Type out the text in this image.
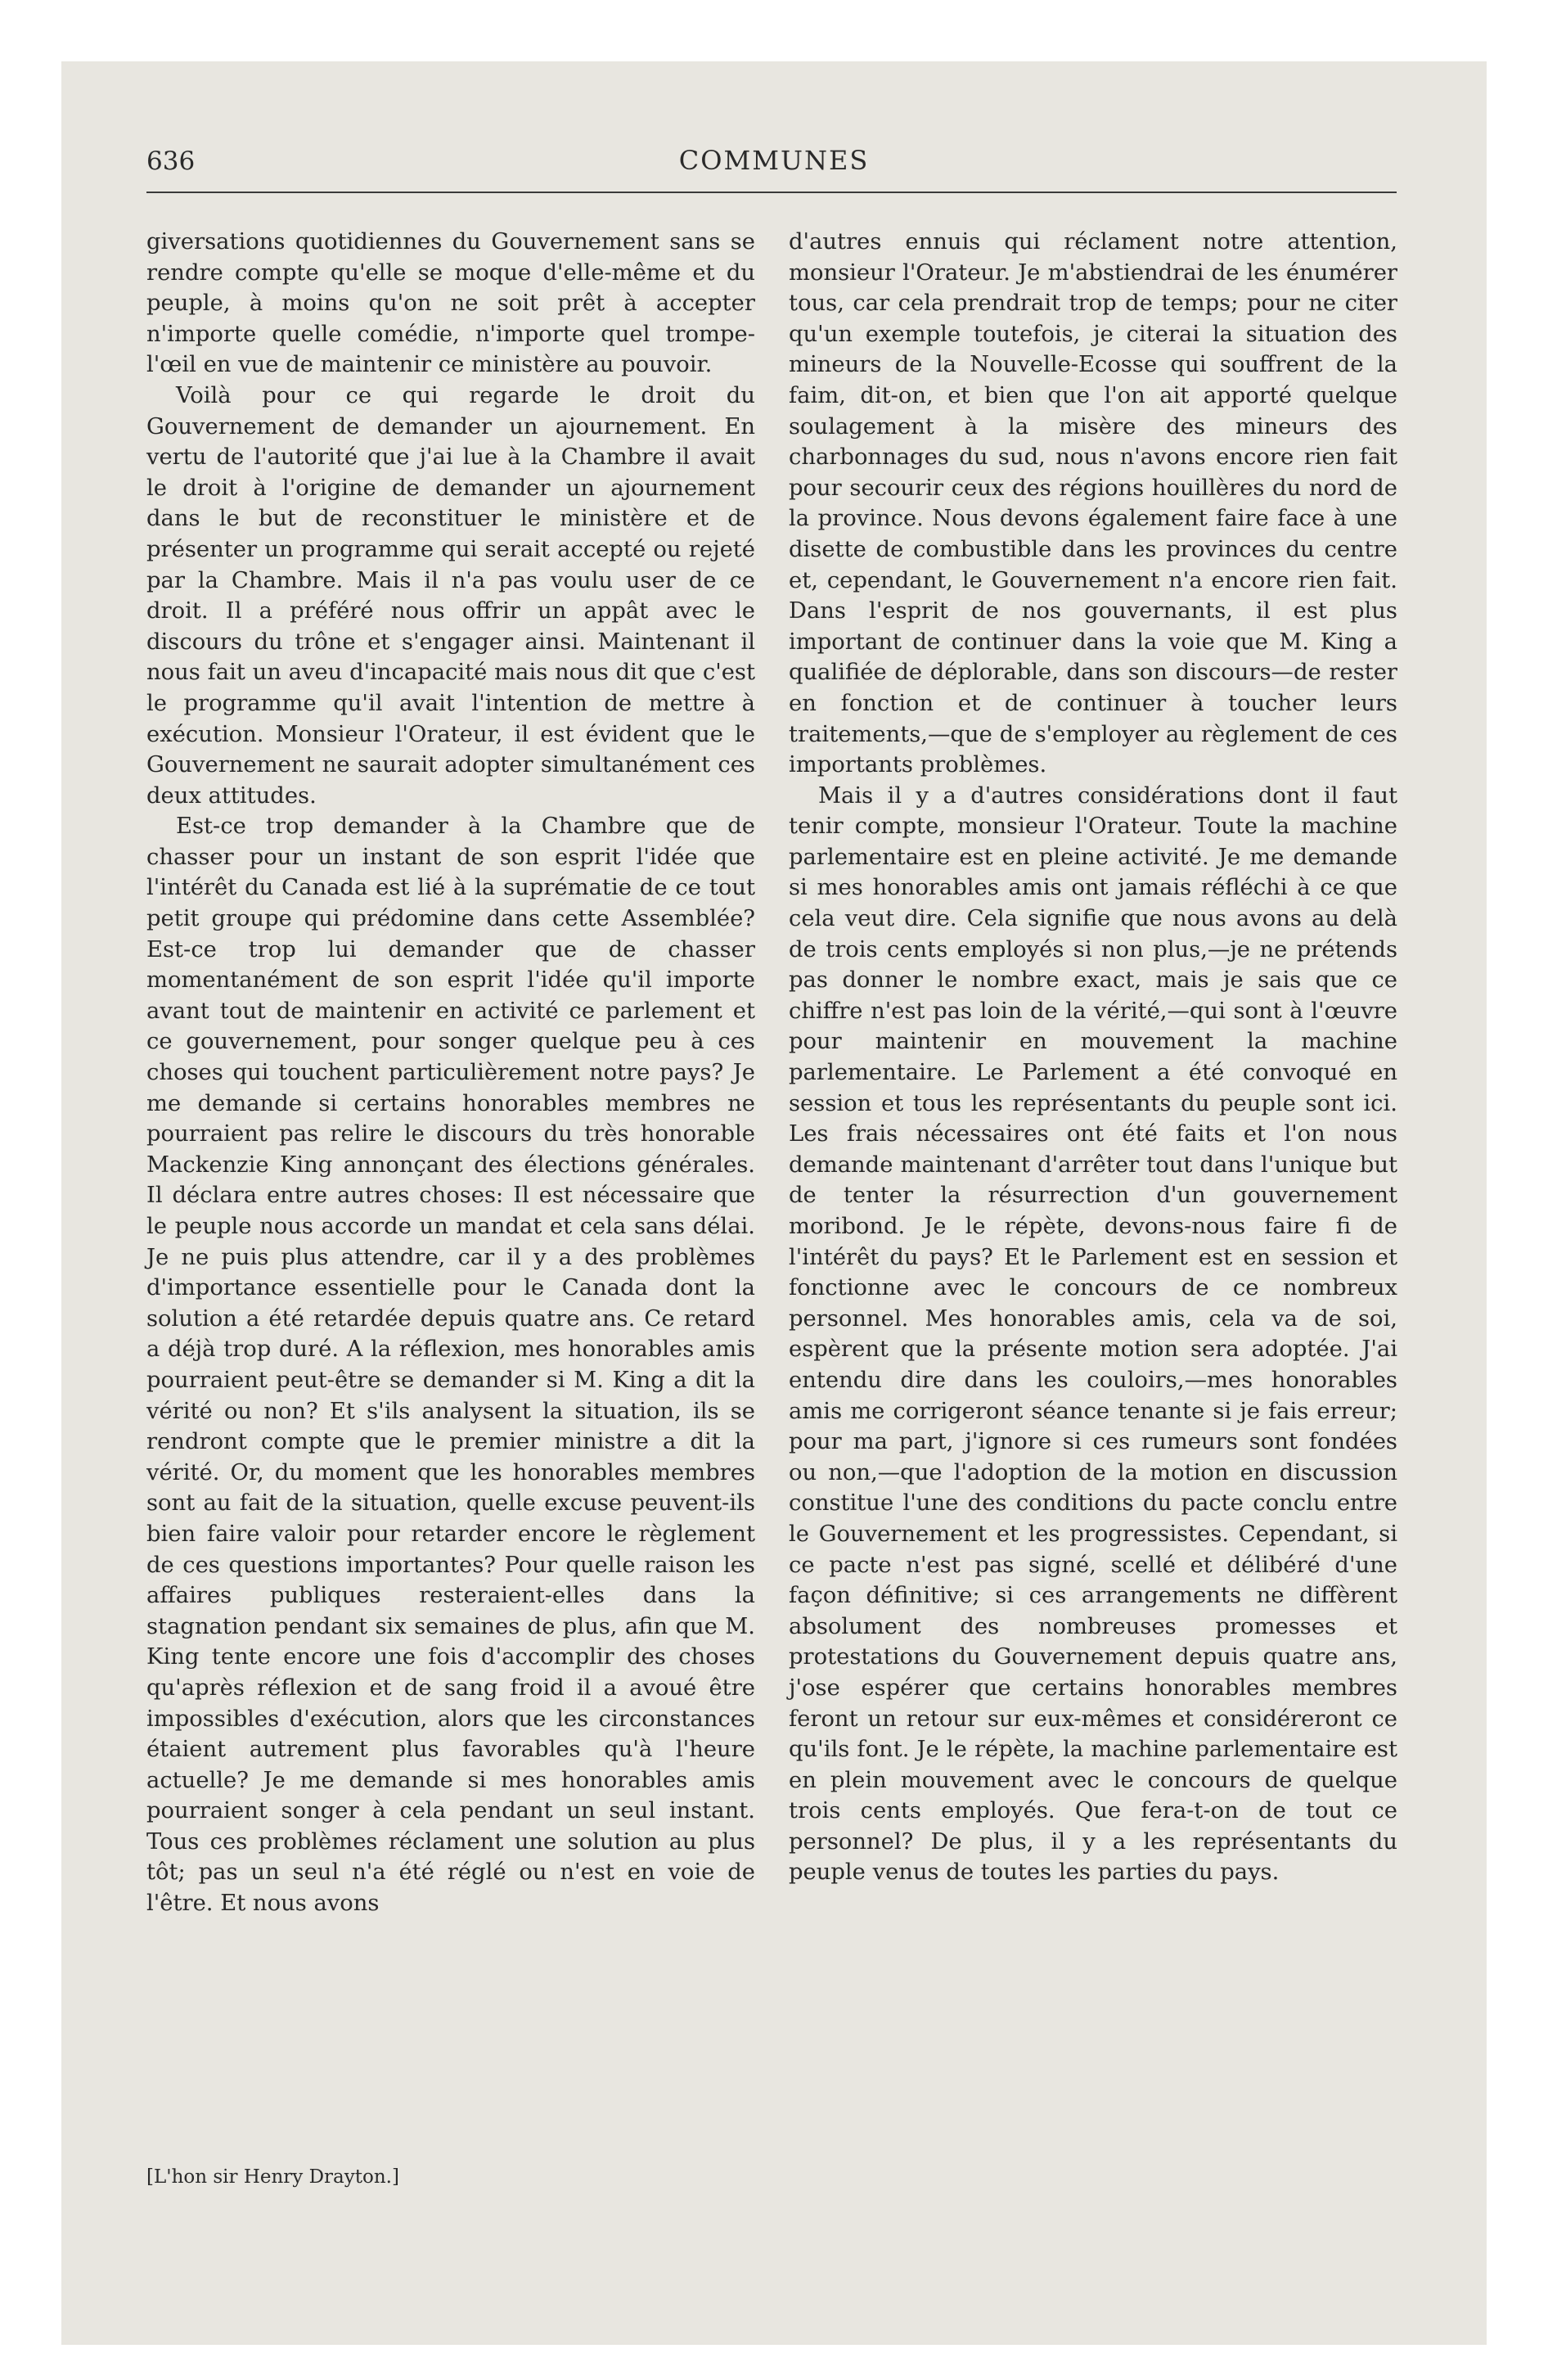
636	COMMUNES

giversations quotidiennes du Gouvernement sans se rendre compte qu'elle se moque d'elle-même et du peuple, à moins qu'on ne soit prêt à accepter n'importe quelle comédie, n'importe quel trompe-l'œil en vue de maintenir ce ministère au pouvoir.

Voilà pour ce qui regarde le droit du Gouvernement de demander un ajournement. En vertu de l'autorité que j'ai lue à la Chambre il avait le droit à l'origine de demander un ajournement dans le but de reconstituer le ministère et de présenter un programme qui serait accepté ou rejeté par la Chambre. Mais il n'a pas voulu user de ce droit. Il a préféré nous offrir un appât avec le discours du trône et s'engager ainsi. Maintenant il nous fait un aveu d'incapacité mais nous dit que c'est le programme qu'il avait l'intention de mettre à exécution. Monsieur l'Orateur, il est évident que le Gouvernement ne saurait adopter simultanément ces deux attitudes.

Est-ce trop demander à la Chambre que de chasser pour un instant de son esprit l'idée que l'intérêt du Canada est lié à la suprématie de ce tout petit groupe qui prédomine dans cette Assemblée? Est-ce trop lui demander que de chasser momentanément de son esprit l'idée qu'il importe avant tout de maintenir en activité ce parlement et ce gouvernement, pour songer quelque peu à ces choses qui touchent particulièrement notre pays? Je me demande si certains honorables membres ne pourraient pas relire le discours du très honorable Mackenzie King annonçant des élections générales. Il déclara entre autres choses: Il est nécessaire que le peuple nous accorde un mandat et cela sans délai. Je ne puis plus attendre, car il y a des problèmes d'importance essentielle pour le Canada dont la solution a été retardée depuis quatre ans. Ce retard a déjà trop duré. A la réflexion, mes honorables amis pourraient peut-être se demander si M. King a dit la vérité ou non? Et s'ils analysent la situation, ils se rendront compte que le premier ministre a dit la vérité. Or, du moment que les honorables membres sont au fait de la situation, quelle excuse peuvent-ils bien faire valoir pour retarder encore le règlement de ces questions importantes? Pour quelle raison les affaires publiques resteraient-elles dans la stagnation pendant six semaines de plus, afin que M. King tente encore une fois d'accomplir des choses qu'après réflexion et de sang froid il a avoué être impossibles d'exécution, alors que les circonstances étaient autrement plus favorables qu'à l'heure actuelle? Je me demande si mes honorables amis pourraient songer à cela pendant un seul instant. Tous ces problèmes réclament une solution au plus tôt; pas un seul n'a été réglé ou n'est en voie de l'être. Et nous avons

d'autres ennuis qui réclament notre attention, monsieur l'Orateur. Je m'abstiendrai de les énumérer tous, car cela prendrait trop de temps; pour ne citer qu'un exemple toutefois, je citerai la situation des mineurs de la Nouvelle-Ecosse qui souffrent de la faim, dit-on, et bien que l'on ait apporté quelque soulagement à la misère des mineurs des charbonnages du sud, nous n'avons encore rien fait pour secourir ceux des régions houillères du nord de la province. Nous devons également faire face à une disette de combustible dans les provinces du centre et, cependant, le Gouvernement n'a encore rien fait. Dans l'esprit de nos gouvernants, il est plus important de continuer dans la voie que M. King a qualifiée de déplorable, dans son discours—de rester en fonction et de continuer à toucher leurs traitements,—que de s'employer au règlement de ces importants problèmes.

Mais il y a d'autres considérations dont il faut tenir compte, monsieur l'Orateur. Toute la machine parlementaire est en pleine activité. Je me demande si mes honorables amis ont jamais réfléchi à ce que cela veut dire. Cela signifie que nous avons au delà de trois cents employés si non plus,—je ne prétends pas donner le nombre exact, mais je sais que ce chiffre n'est pas loin de la vérité,—qui sont à l'œuvre pour maintenir en mouvement la machine parlementaire. Le Parlement a été convoqué en session et tous les représentants du peuple sont ici. Les frais nécessaires ont été faits et l'on nous demande maintenant d'arrêter tout dans l'unique but de tenter la résurrection d'un gouvernement moribond. Je le répète, devons-nous faire fi de l'intérêt du pays? Et le Parlement est en session et fonctionne avec le concours de ce nombreux personnel. Mes honorables amis, cela va de soi, espèrent que la présente motion sera adoptée. J'ai entendu dire dans les couloirs,—mes honorables amis me corrigeront séance tenante si je fais erreur; pour ma part, j'ignore si ces rumeurs sont fondées ou non,—que l'adoption de la motion en discussion constitue l'une des conditions du pacte conclu entre le Gouvernement et les progressistes. Cependant, si ce pacte n'est pas signé, scellé et délibéré d'une façon définitive; si ces arrangements ne diffèrent absolument des nombreuses promesses et protestations du Gouvernement depuis quatre ans, j'ose espérer que certains honorables membres feront un retour sur eux-mêmes et considéreront ce qu'ils font. Je le répète, la machine parlementaire est en plein mouvement avec le concours de quelque trois cents employés. Que fera-t-on de tout ce personnel? De plus, il y a les représentants du peuple venus de toutes les parties du pays.

[L'hon sir Henry Drayton.]
